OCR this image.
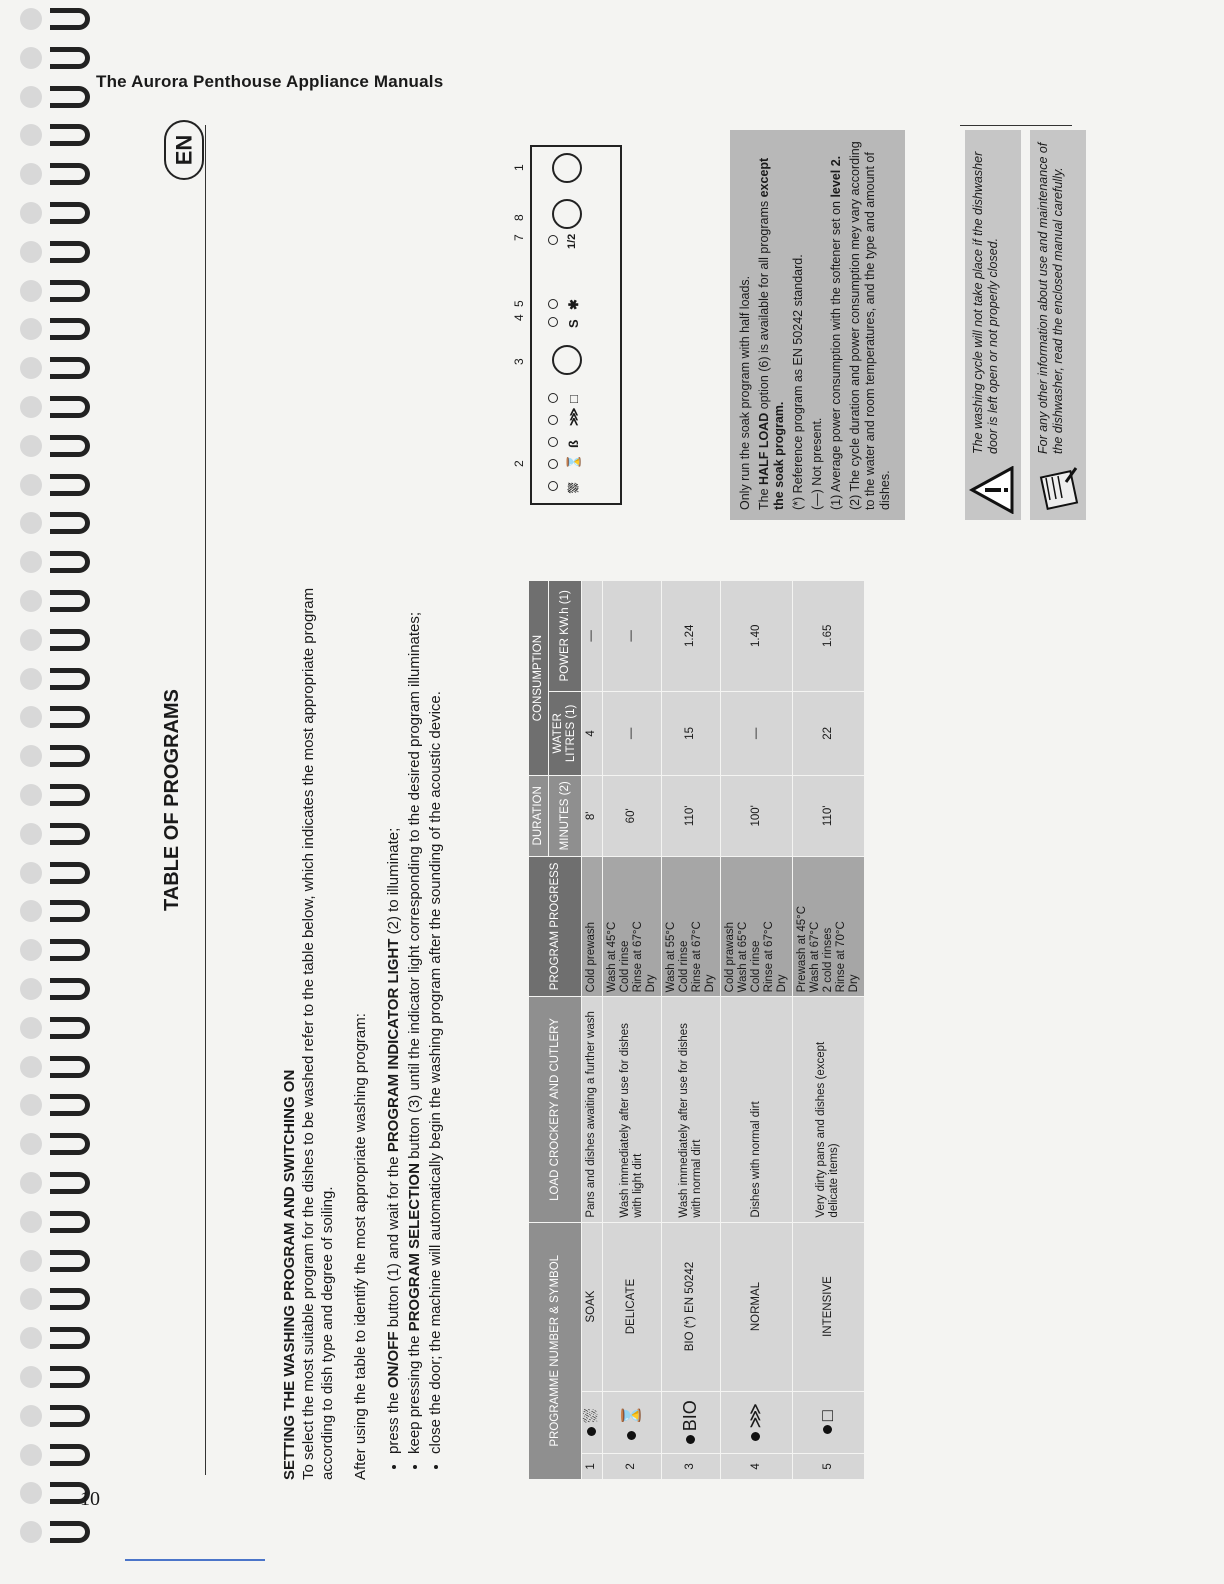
The Aurora Penthouse Appliance Manuals
EN
10
TABLE OF PROGRAMS

SETTING THE WASHING PROGRAM AND SWITCHING ON To select the most suitable program for the dishes to be washed refer to the table below, which indicates the most appropriate program according to dish type and degree of soiling. After using the table to identify the most appropriate washing program: • press the ON/OFF button (1) and wait for the PROGRAM INDICATOR LIGHT (2) to illuminate;
• keep pressing the PROGRAM SELECTION button (3) until the indicator light corresponding to the desired program illuminates; • close the door; the machine will automatically begin the washing program after the sounding of the acoustic device.	PROGRAMME NUMBER & SYMBOL			LOAD CROCKERY AND CUTLERY	PROGRAM PROGRESS	DURATION	CONSUMPTION	
					MINUTES (2)	WATER LITRES (1)	POWER KW.h (1)
1	⛆	SOAK	Pans and dishes awaiting a further wash	Cold prewash	8'	4	—
2	⌛	DELICATE	Wash immediately after use for dishes with light dirt	Wash at 45°C Cold rinse Rinse at 67°C Dry	60'	—	—
3	BIO	BIO (*) EN 50242	Wash immediately after use for dishes with normal dirt	Wash at 55°C Cold rinse Rinse at 67°C Dry	110'	15	1.24
4	⋙	NORMAL	Dishes with normal dirt	Cold prawash Wash at 65°C Cold rinse Rinse at 67°C Dry	100'	—	1.40
5	□	INTENSIVE	Very dirty pans and dishes (except delicate items)	Prewash at 45°C Wash at 67°C 2 cold rinses Rinse at 70°C Dry	110'	22	1.65
2
3
4
5
7
8
1
⛆
⌛
ß
⋙
□
S
✱
1/2

Only run the soak program with half loads. The HALF LOAD option (6) is available for all programs except the soak program. (*) Reference program as EN 50242 standard. (—) Not present. (1) Average power consumption with the softener set on level 2. (2) The cycle duration and power consumption mey vary according to the water and room temperatures, and the type and amount of dishes.

The washing cycle will not take place if the dishwasher door is left open or not properly closed.	For any other information about use and maintenance of the dishwasher, read the enclosed manual carefully.
